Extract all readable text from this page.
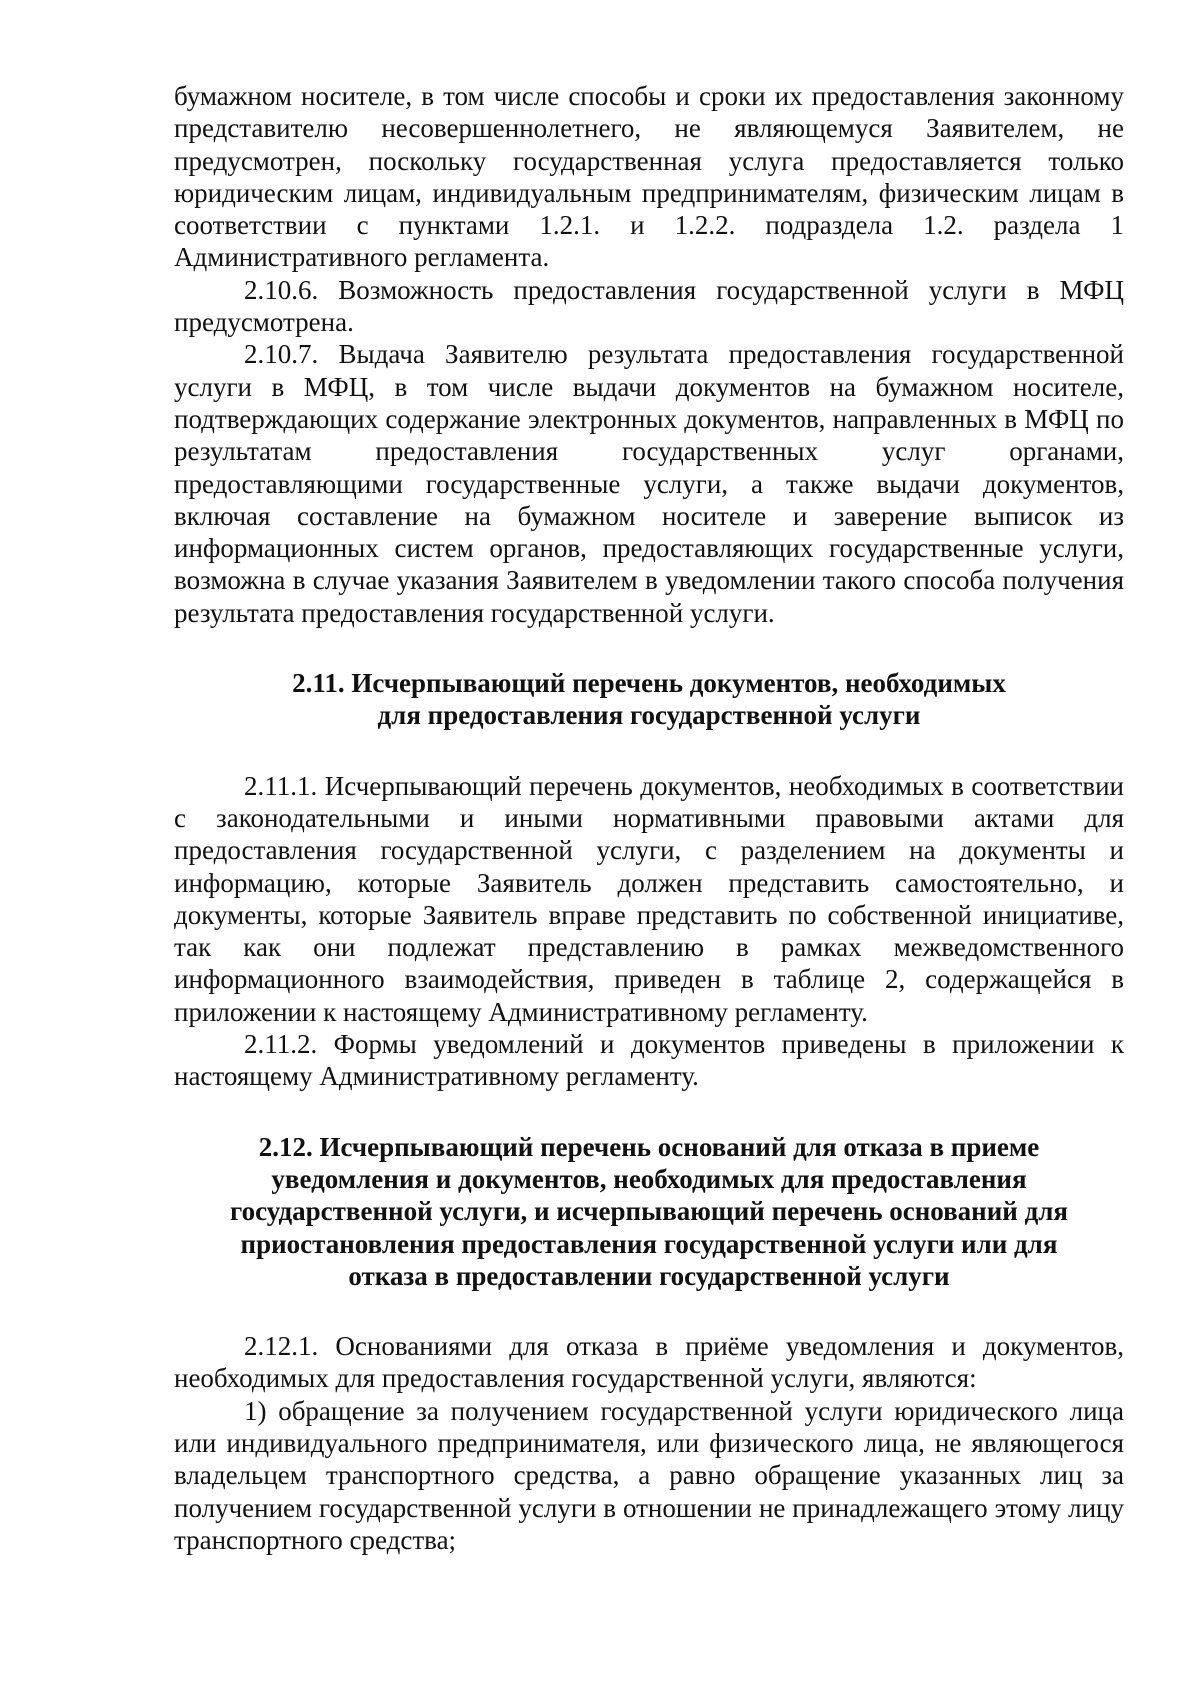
бумажном носителе, в том числе способы и сроки их предоставления законному представителю несовершеннолетнего, не являющемуся Заявителем, не предусмотрен, поскольку государственная услуга предоставляется только юридическим лицам, индивидуальным предпринимателям, физическим лицам в соответствии с пунктами 1.2.1. и 1.2.2. подраздела 1.2. раздела 1 Административного регламента.

2.10.6. Возможность предоставления государственной услуги в МФЦ предусмотрена.

2.10.7. Выдача Заявителю результата предоставления государственной услуги в МФЦ, в том числе выдачи документов на бумажном носителе, подтверждающих содержание электронных документов, направленных в МФЦ по результатам предоставления государственных услуг органами, предоставляющими государственные услуги, а также выдачи документов, включая составление на бумажном носителе и заверение выписок из информационных систем органов, предоставляющих государственные услуги, возможна в случае указания Заявителем в уведомлении такого способа получения результата предоставления государственной услуги.

2.11. Исчерпывающий перечень документов, необходимых
для предоставления государственной услуги

2.11.1. Исчерпывающий перечень документов, необходимых в соответствии с законодательными и иными нормативными правовыми актами для предоставления государственной услуги, с разделением на документы и информацию, которые Заявитель должен представить самостоятельно, и документы, которые Заявитель вправе представить по собственной инициативе, так как они подлежат представлению в рамках межведомственного информационного взаимодействия, приведен в таблице 2, содержащейся в приложении к настоящему Административному регламенту.

2.11.2. Формы уведомлений и документов приведены в приложении к настоящему Административному регламенту.

2.12. Исчерпывающий перечень оснований для отказа в приеме
уведомления и документов, необходимых для предоставления
государственной услуги, и исчерпывающий перечень оснований для
приостановления предоставления государственной услуги или для
отказа в предоставлении государственной услуги

2.12.1. Основаниями для отказа в приёме уведомления и документов, необходимых для предоставления государственной услуги, являются:

1) обращение за получением государственной услуги юридического лица или индивидуального предпринимателя, или физического лица, не являющегося владельцем транспортного средства, а равно обращение указанных лиц за получением государственной услуги в отношении не принадлежащего этому лицу транспортного средства;
